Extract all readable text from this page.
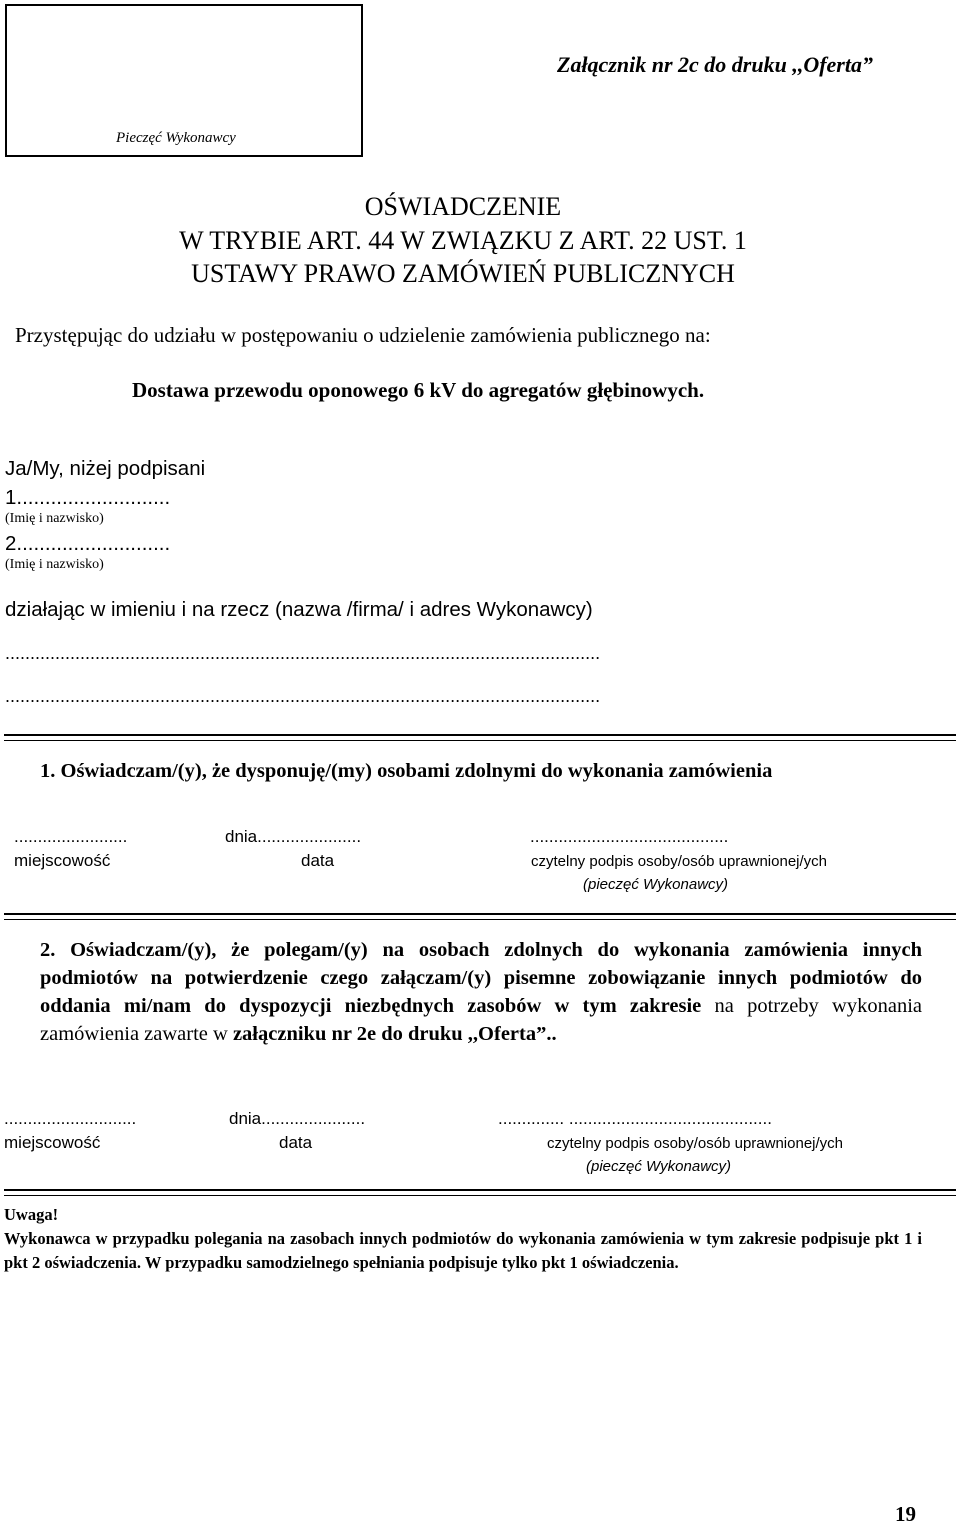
Pieczęć Wykonawcy
Załącznik nr 2c do druku ,,Oferta”
OŚWIADCZENIE
W TRYBIE ART. 44 W ZWIĄZKU Z ART. 22 UST. 1
USTAWY PRAWO ZAMÓWIEŃ PUBLICZNYCH
Przystępując do udziału w postępowaniu o udzielenie zamówienia publicznego na:
Dostawa przewodu oponowego 6 kV do agregatów głębinowych.
Ja/My, niżej podpisani
1...........................
(Imię i nazwisko)
2...........................
(Imię i nazwisko)
działając w imieniu i na rzecz (nazwa /firma/ i adres Wykonawcy)
.......................................................................................................................
.......................................................................................................................
1. Oświadczam/(y), że dysponuję/(my) osobami zdolnymi do wykonania zamówienia
........................	dnia......................	..........................................
miejscowość	data	czytelny podpis osoby/osób uprawnionej/ych
(pieczęć Wykonawcy)

2. Oświadczam/(y), że polegam/(y) na osobach zdolnych do wykonania zamówienia innych podmiotów na potwierdzenie czego załączam/(y) pisemne zobowiązanie innych podmiotów do oddania mi/nam do dyspozycji niezbędnych zasobów w tym zakresie na potrzeby wykonania zamówienia zawarte w załączniku nr 2e do druku ,,Oferta”..

............................	dnia......................	.............. ...........................................
miejscowość	data	czytelny podpis osoby/osób uprawnionej/ych
(pieczęć Wykonawcy)
Uwaga!

Wykonawca w przypadku polegania na zasobach innych podmiotów do wykonania zamówienia w tym zakresie podpisuje pkt 1 i pkt 2 oświadczenia. W przypadku samodzielnego spełniania podpisuje tylko pkt 1 oświadczenia.

19
